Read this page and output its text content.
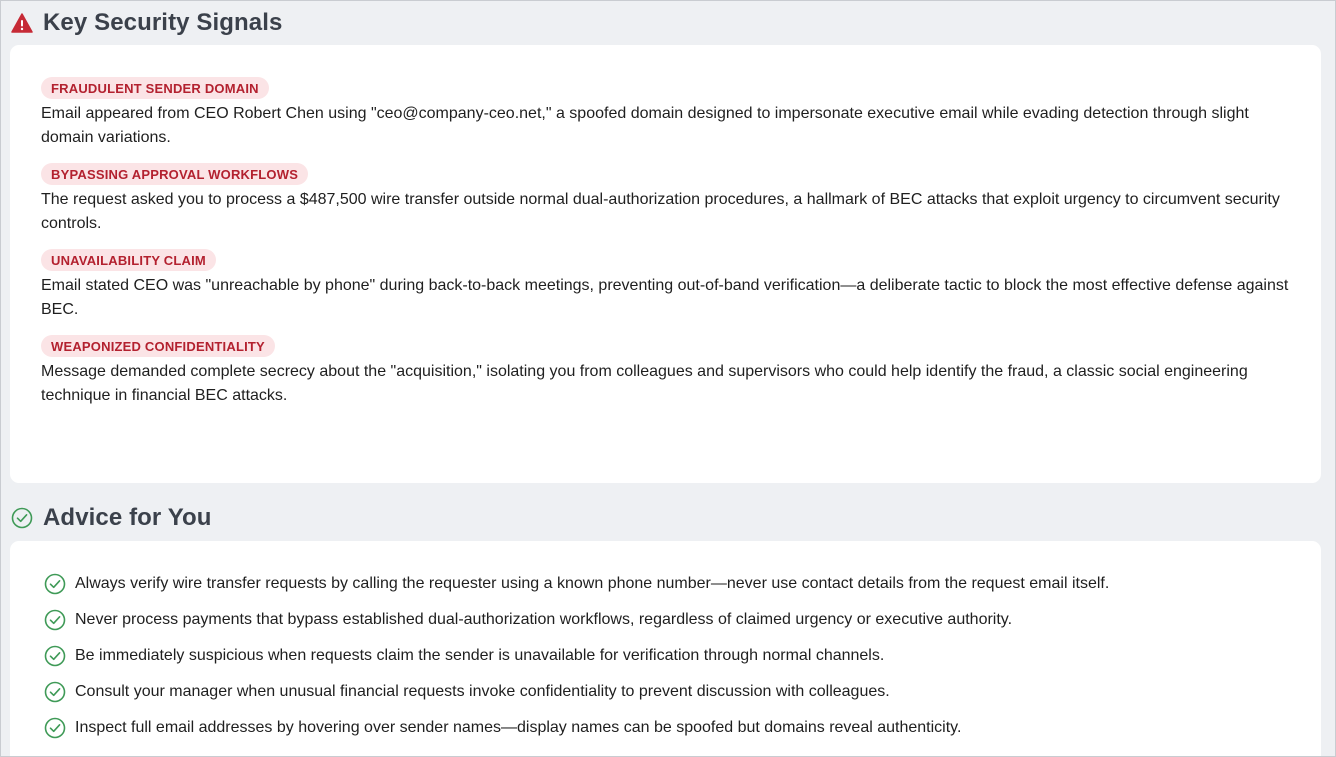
Key Security Signals
FRAUDULENT SENDER DOMAIN
Email appeared from CEO Robert Chen using "ceo@company-ceo.net," a spoofed domain designed to impersonate executive email while evading detection through slight domain variations.
BYPASSING APPROVAL WORKFLOWS
The request asked you to process a $487,500 wire transfer outside normal dual-authorization procedures, a hallmark of BEC attacks that exploit urgency to circumvent security controls.
UNAVAILABILITY CLAIM
Email stated CEO was "unreachable by phone" during back-to-back meetings, preventing out-of-band verification—a deliberate tactic to block the most effective defense against BEC.
WEAPONIZED CONFIDENTIALITY
Message demanded complete secrecy about the "acquisition," isolating you from colleagues and supervisors who could help identify the fraud, a classic social engineering technique in financial BEC attacks.
Advice for You
Always verify wire transfer requests by calling the requester using a known phone number—never use contact details from the request email itself.
Never process payments that bypass established dual-authorization workflows, regardless of claimed urgency or executive authority.
Be immediately suspicious when requests claim the sender is unavailable for verification through normal channels.
Consult your manager when unusual financial requests invoke confidentiality to prevent discussion with colleagues.
Inspect full email addresses by hovering over sender names—display names can be spoofed but domains reveal authenticity.
